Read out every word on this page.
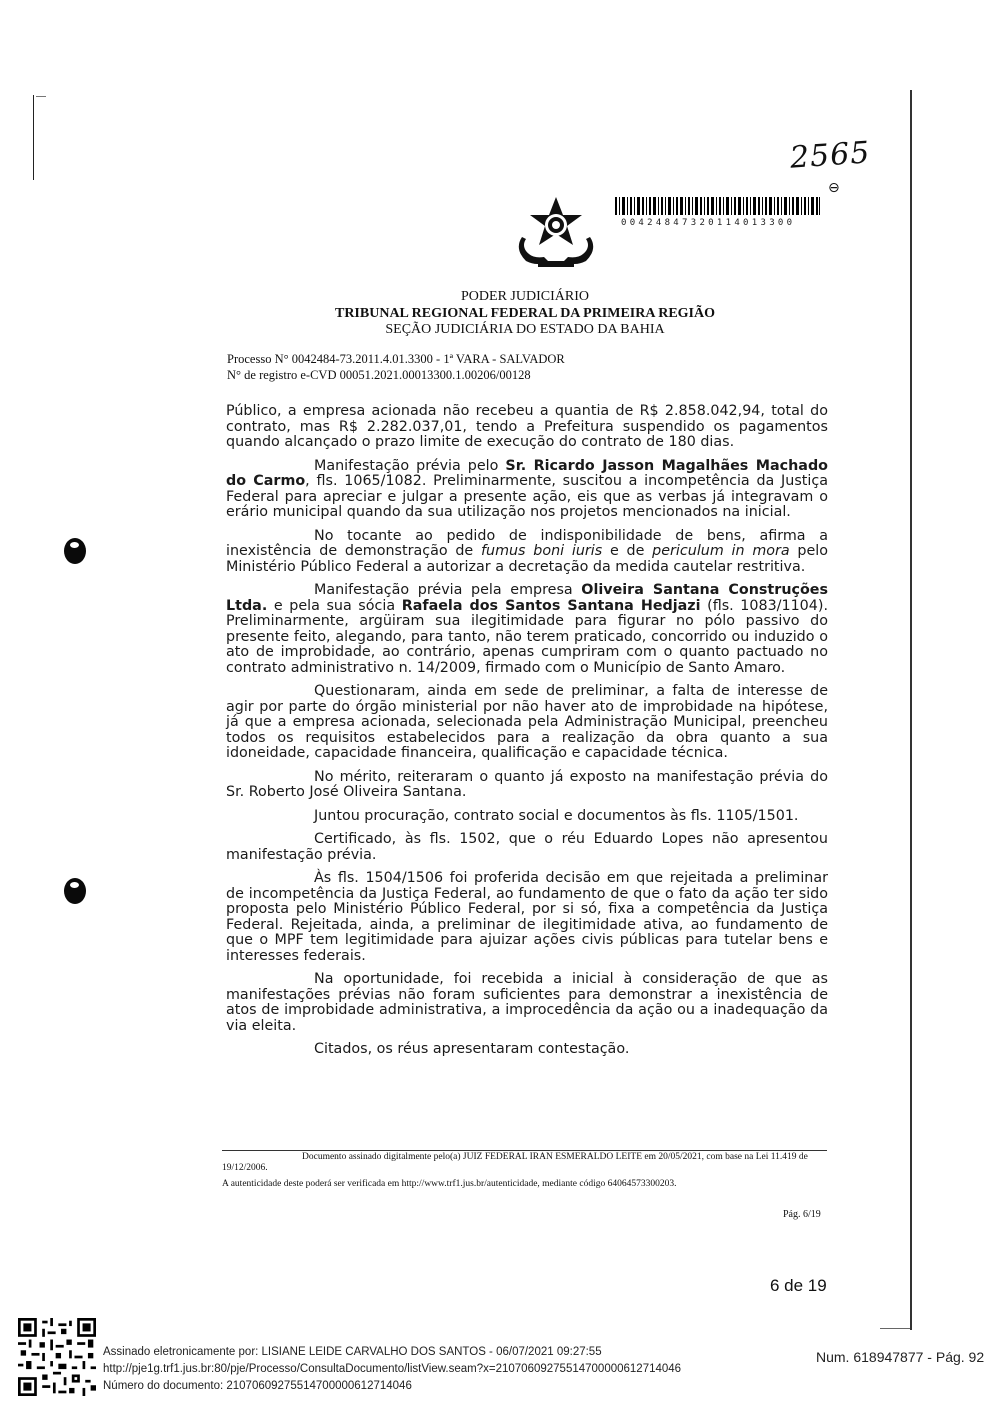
2565
⊖
00424847320114013300
PODER JUDICIÁRIO
TRIBUNAL REGIONAL FEDERAL DA PRIMEIRA REGIÃO
SEÇÃO JUDICIÁRIA DO ESTADO DA BAHIA
Processo N° 0042484-73.2011.4.01.3300 - 1ª VARA - SALVADOR
N° de registro e-CVD 00051.2021.00013300.1.00206/00128

Público, a empresa acionada não recebeu a quantia de R$ 2.858.042,94, total do contrato, mas R$ 2.282.037,01, tendo a Prefeitura suspendido os pagamentos quando alcançado o prazo limite de execução do contrato de 180 dias.

Manifestação prévia pelo Sr. Ricardo Jasson Magalhães Machado do Carmo, fls. 1065/1082. Preliminarmente, suscitou a incompetência da Justiça Federal para apreciar e julgar a presente ação, eis que as verbas já integravam o erário municipal quando da sua utilização nos projetos mencionados na inicial.

No tocante ao pedido de indisponibilidade de bens, afirma a inexistência de demonstração de fumus boni iuris e de periculum in mora pelo Ministério Público Federal a autorizar a decretação da medida cautelar restritiva.

Manifestação prévia pela empresa Oliveira Santana Construções Ltda. e pela sua sócia Rafaela dos Santos Santana Hedjazi (fls. 1083/1104). Preliminarmente, argüiram sua ilegitimidade para figurar no pólo passivo do presente feito, alegando, para tanto, não terem praticado, concorrido ou induzido o ato de improbidade, ao contrário, apenas cumpriram com o quanto pactuado no contrato administrativo n. 14/2009, firmado com o Município de Santo Amaro.

Questionaram, ainda em sede de preliminar, a falta de interesse de agir por parte do órgão ministerial por não haver ato de improbidade na hipótese, já que a empresa acionada, selecionada pela Administração Municipal, preencheu todos os requisitos estabelecidos para a realização da obra quanto a sua idoneidade, capacidade financeira, qualificação e capacidade técnica.

No mérito, reiteraram o quanto já exposto na manifestação prévia do Sr. Roberto José Oliveira Santana.

Juntou procuração, contrato social e documentos às fls. 1105/1501.

Certificado, às fls. 1502, que o réu Eduardo Lopes não apresentou manifestação prévia.

Às fls. 1504/1506 foi proferida decisão em que rejeitada a preliminar de incompetência da Justiça Federal, ao fundamento de que o fato da ação ter sido proposta pelo Ministério Público Federal, por si só, fixa a competência da Justiça Federal. Rejeitada, ainda, a preliminar de ilegitimidade ativa, ao fundamento de que o MPF tem legitimidade para ajuizar ações civis públicas para tutelar bens e interesses federais.

Na oportunidade, foi recebida a inicial à consideração de que as manifestações prévias não foram suficientes para demonstrar a inexistência de atos de improbidade administrativa, a improcedência da ação ou a inadequação da via eleita.

Citados, os réus apresentaram contestação.

Documento assinado digitalmente pelo(a) JUIZ FEDERAL IRAN ESMERALDO LEITE em 20/05/2021, com base na Lei 11.419 de 19/12/2006.
A autenticidade deste poderá ser verificada em http://www.trf1.jus.br/autenticidade, mediante código 64064573300203.
Pág. 6/19
6 de 19
Assinado eletronicamente por: LISIANE LEIDE CARVALHO DOS SANTOS - 06/07/2021 09:27:55
http://pje1g.trf1.jus.br:80/pje/Processo/ConsultaDocumento/listView.seam?x=21070609275514700000612714046
Número do documento: 21070609275514700000612714046
Num. 618947877 - Pág. 92
